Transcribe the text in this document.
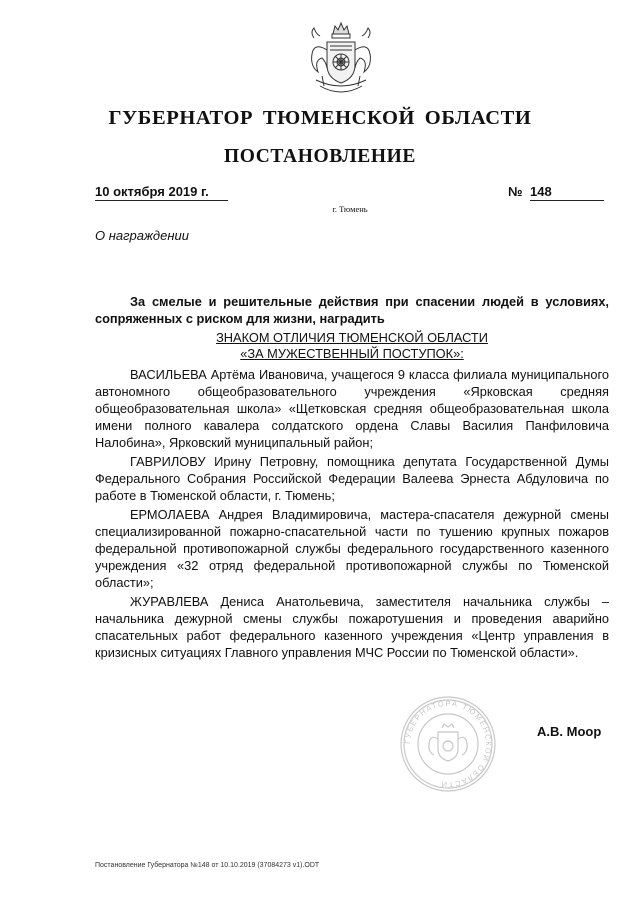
ГУБЕРНАТОР ТЮМЕНСКОЙ ОБЛАСТИ
ПОСТАНОВЛЕНИЕ
10 октября 2019 г.	№ 148
г. Тюмень
О награждении

За смелые и решительные действия при спасении людей в условиях, сопряженных с риском для жизни, наградить

ЗНАКОМ ОТЛИЧИЯ ТЮМЕНСКОЙ ОБЛАСТИ
«ЗА МУЖЕСТВЕННЫЙ ПОСТУПОК»:

ВАСИЛЬЕВА Артёма Ивановича, учащегося 9 класса филиала муниципального автономного общеобразовательного учреждения «Ярковская средняя общеобразовательная школа» «Щетковская средняя общеобразовательная школа имени полного кавалера солдатского ордена Славы Василия Панфиловича Налобина», Ярковский муниципальный район;

ГАВРИЛОВУ Ирину Петровну, помощника депутата Государственной Думы Федерального Собрания Российской Федерации Валеева Эрнеста Абдуловича по работе в Тюменской области, г. Тюмень;

ЕРМОЛАЕВА Андрея Владимировича, мастера-спасателя дежурной смены специализированной пожарно-спасательной части по тушению крупных пожаров федеральной противопожарной службы федерального государственного казенного учреждения «32 отряд федеральной противопожарной службы по Тюменской области»;

ЖУРАВЛЕВА Дениса Анатольевича, заместителя начальника службы – начальника дежурной смены службы пожаротушения и проведения аварийно спасательных работ федерального казенного учреждения «Центр управления в кризисных ситуациях Главного управления МЧС России по Тюменской области».

ГУБЕРНАТОРА ТЮМЕНСКОЙ ОБЛАСТИ
А.В. Моор
Постановление Губернатора №148 от 10.10.2019 (37084273 v1).ODT
